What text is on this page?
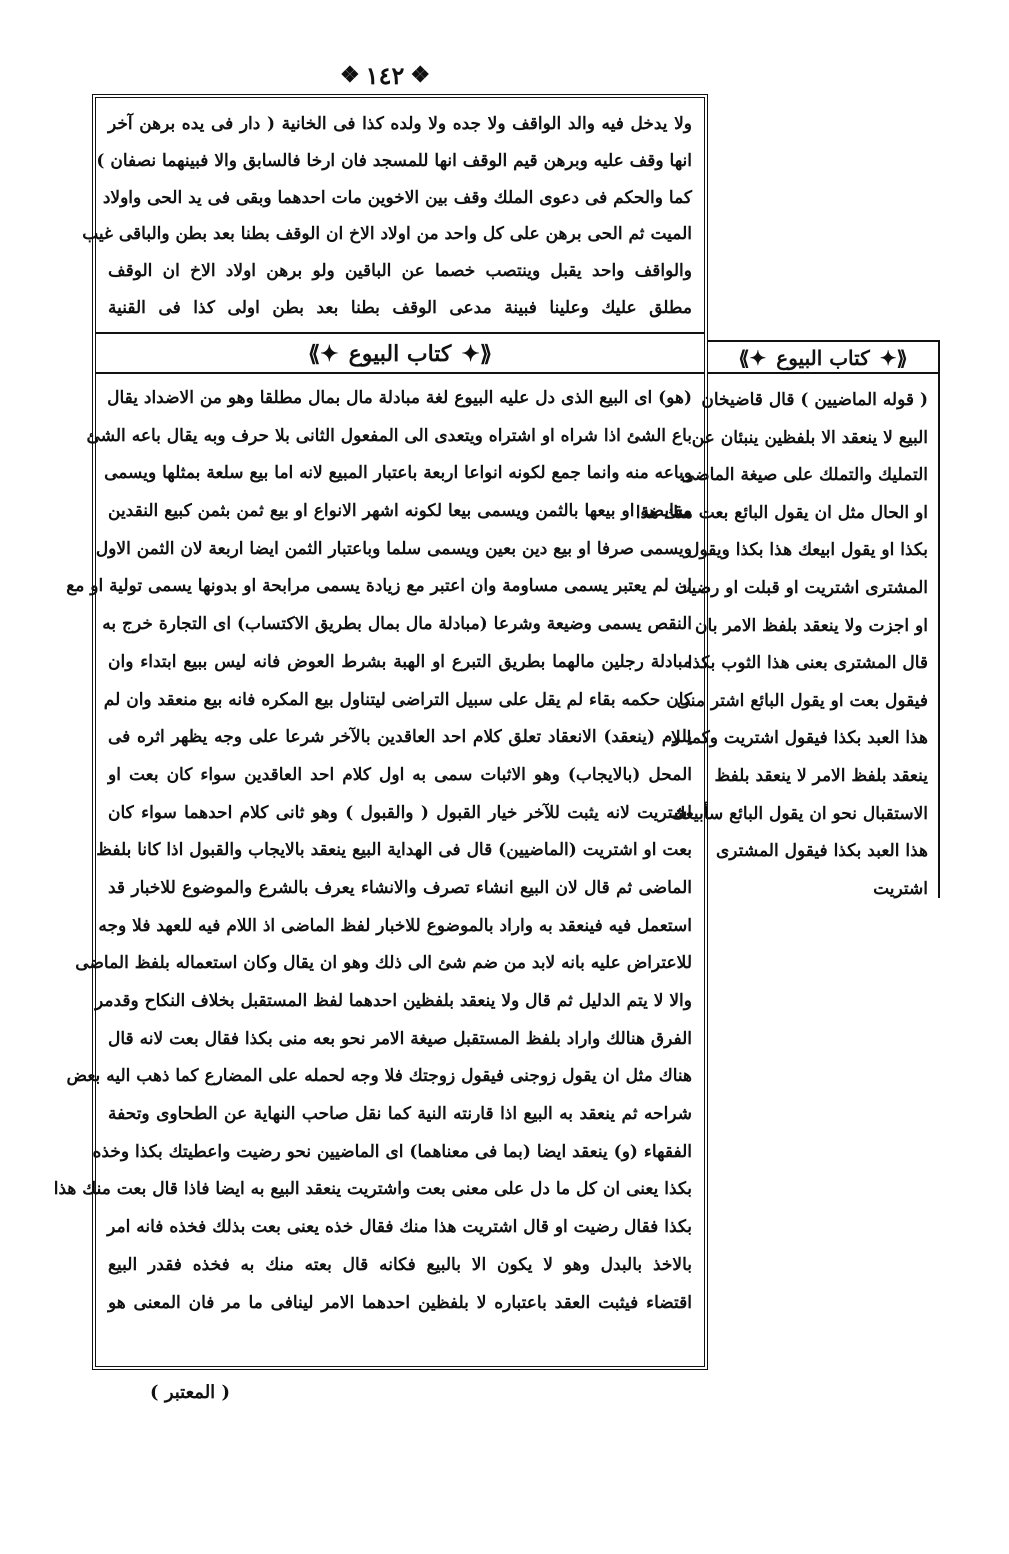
❖
١٤٢
❖
ولا يدخل فيه والد الواقف ولا جده ولا ولده كذا فى الخانية ( دار فى يده برهن آخر
انها وقف عليه وبرهن قيم الوقف انها للمسجد فان ارخا فالسابق والا فبينهما نصفان )
كما والحكم فى دعوى الملك وقف بين الاخوين مات احدهما وبقى فى يد الحى واولاد
الميت ثم الحى برهن على كل واحد من اولاد الاخ ان الوقف بطنا بعد بطن والباقى غيب
والواقف واحد يقبل وينتصب خصما عن الباقين ولو برهن اولاد الاخ ان الوقف
مطلق عليك وعلينا فبينة مدعى الوقف بطنا بعد بطن اولى كذا فى القنية
⟪✦
كتاب البيوع
✦⟫
(هو) اى البيع الذى دل عليه البيوع لغة مبادلة مال بمال مطلقا وهو من الاضداد يقال
باع الشئ اذا شراه او اشتراه ويتعدى الى المفعول الثانى بلا حرف وبه يقال باعه الشئ
وباعه منه وانما جمع لكونه انواعا اربعة باعتبار المبيع لانه اما بيع سلعة بمثلها ويسمى
مقايضة او بيعها بالثمن ويسمى بيعا لكونه اشهر الانواع او بيع ثمن بثمن كبيع النقدين
ويسمى صرفا او بيع دين بعين ويسمى سلما وباعتبار الثمن ايضا اربعة لان الثمن الاول
ان لم يعتبر يسمى مساومة وان اعتبر مع زيادة يسمى مرابحة او بدونها يسمى تولية او مع
النقص يسمى وضيعة وشرعا (مبادلة مال بمال بطريق الاكتساب) اى التجارة خرج به
مبادلة رجلين مالهما بطريق التبرع او الهبة بشرط العوض فانه ليس ببيع ابتداء وان
كان حكمه بقاء لم يقل على سبيل التراضى ليتناول بيع المكره فانه بيع منعقد وان لم
يلزم (ينعقد) الانعقاد تعلق كلام احد العاقدين بالآخر شرعا على وجه يظهر اثره فى
المحل (بالايجاب) وهو الاثبات سمى به اول كلام احد العاقدين سواء كان بعت او
اشتريت لانه يثبت للآخر خيار القبول ( والقبول ) وهو ثانى كلام احدهما سواء كان
بعت او اشتريت (الماضيين) قال فى الهداية البيع ينعقد بالايجاب والقبول اذا كانا بلفظ
الماضى ثم قال لان البيع انشاء تصرف والانشاء يعرف بالشرع والموضوع للاخبار قد
استعمل فيه فينعقد به واراد بالموضوع للاخبار لفظ الماضى اذ اللام فيه للعهد فلا وجه
للاعتراض عليه بانه لابد من ضم شئ الى ذلك وهو ان يقال وكان استعماله بلفظ الماضى
والا لا يتم الدليل ثم قال ولا ينعقد بلفظين احدهما لفظ المستقبل بخلاف النكاح وقدمر
الفرق هنالك واراد بلفظ المستقبل صيغة الامر نحو بعه منى بكذا فقال بعت لانه قال
هناك مثل ان يقول زوجنى فيقول زوجتك فلا وجه لحمله على المضارع كما ذهب اليه بعض
شراحه ثم ينعقد به البيع اذا قارنته النية كما نقل صاحب النهاية عن الطحاوى وتحفة
الفقهاء (و) ينعقد ايضا (بما فى معناهما) اى الماضيين نحو رضيت واعطيتك بكذا وخذه
بكذا يعنى ان كل ما دل على معنى بعت واشتريت ينعقد البيع به ايضا فاذا قال بعت منك هذا
بكذا فقال رضيت او قال اشتريت هذا منك فقال خذه يعنى بعت بذلك فخذه فانه امر
بالاخذ بالبدل وهو لا يكون الا بالبيع فكانه قال بعته منك به فخذه فقدر البيع
اقتضاء فيثبت العقد باعتباره لا بلفظين احدهما الامر لينافى ما مر فان المعنى هو
⟪✦
كتاب البيوع
✦⟫
( قوله الماضيين ) قال قاضيخان
البيع لا ينعقد الا بلفظين ينبئان عن
التمليك والتملك على صيغة الماضى
او الحال مثل ان يقول البائع بعت منك هذا
بكذا او يقول ابيعك هذا بكذا ويقول
المشترى اشتريت او قبلت او رضيت
او اجزت ولا ينعقد بلفظ الامر بان
قال المشترى بعنى هذا الثوب بكذا
فيقول بعت او يقول البائع اشتر منى
هذا العبد بكذا فيقول اشتريت وكما لا
ينعقد بلفظ الامر لا ينعقد بلفظ
الاستقبال نحو ان يقول البائع سأبيعك
هذا العبد بكذا فيقول المشترى
اشتريت
( المعتبر )
